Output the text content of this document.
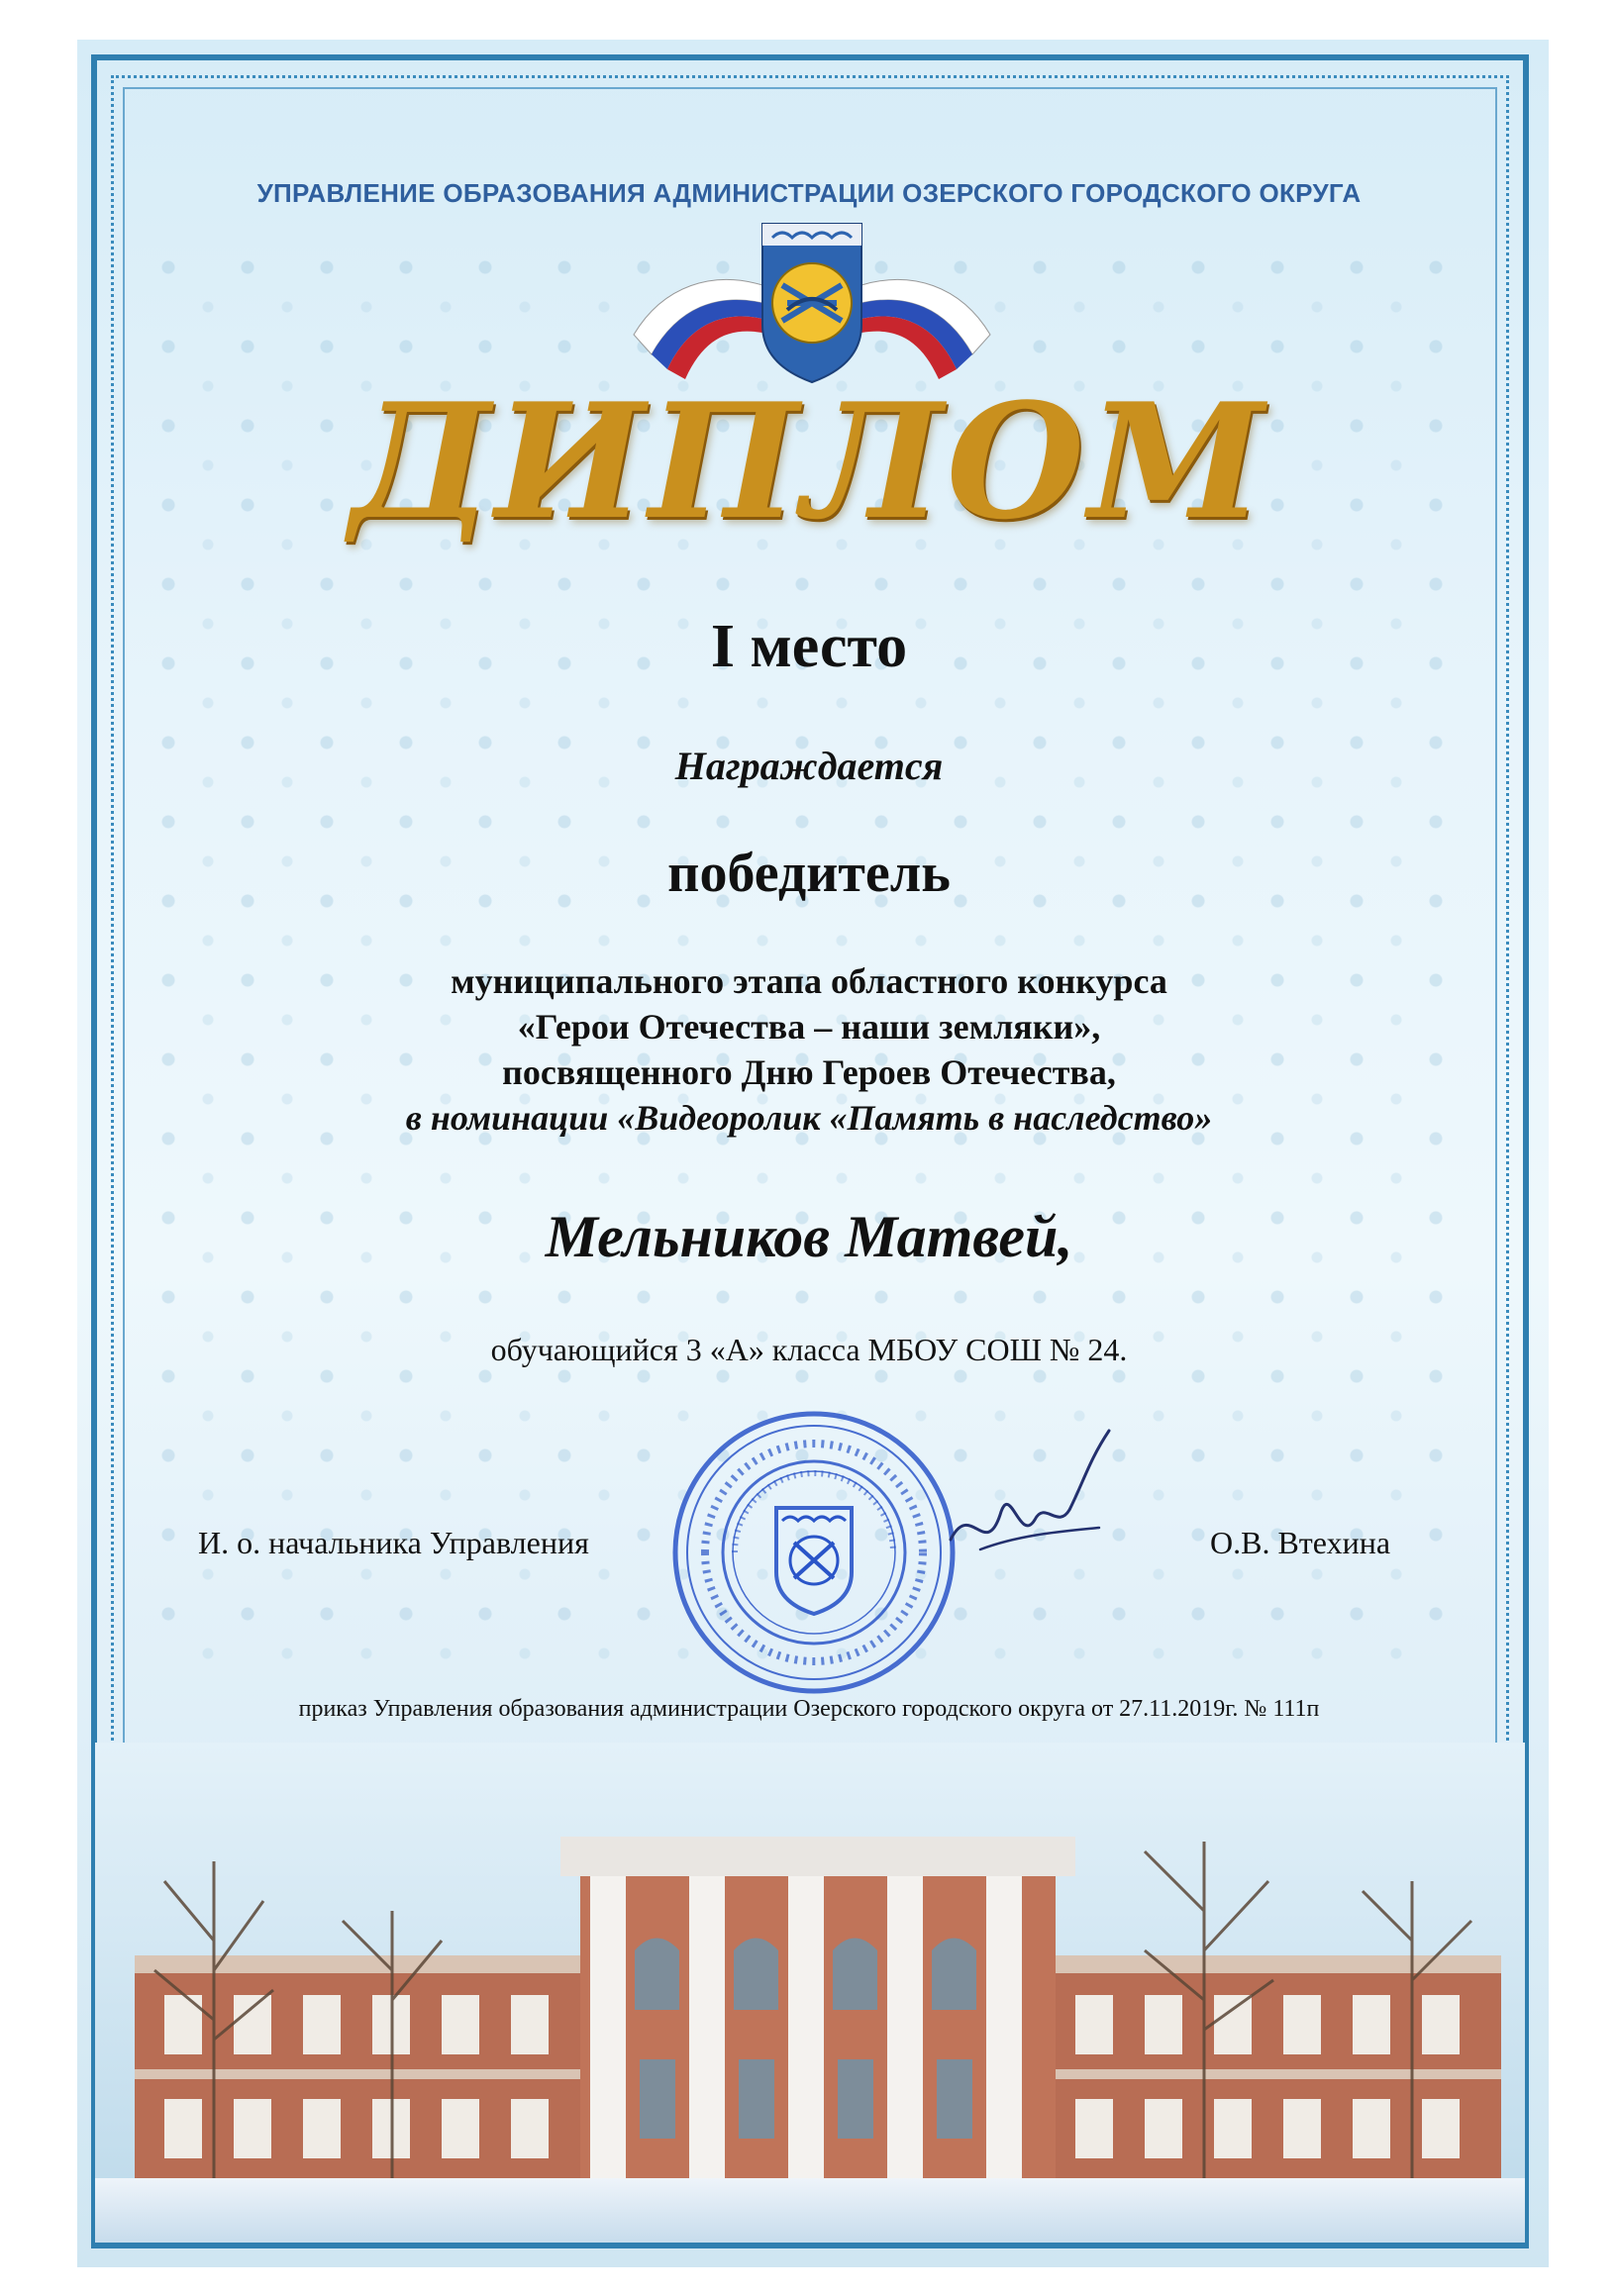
УПРАВЛЕНИЕ ОБРАЗОВАНИЯ АДМИНИСТРАЦИИ ОЗЕРСКОГО ГОРОДСКОГО ОКРУГА
ДИПЛОМ
I место
Награждается
победитель
муниципального этапа областного конкурса
«Герои Отечества – наши земляки»,
посвященного Дню Героев Отечества,
в номинации «Видеоролик «Память в наследство»
Мельников Матвей,
обучающийся 3 «А» класса МБОУ СОШ № 24.
И. о. начальника Управления	О.В. Втехина
приказ Управления образования администрации Озерского городского округа от 27.11.2019г. № 111п
